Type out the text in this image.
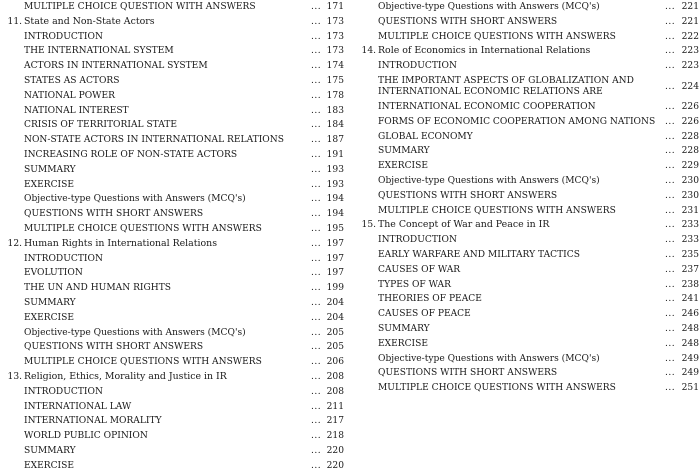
MULTIPLE CHOICE QUESTION WITH ANSWERS	... 171
11. State and Non-State Actors	... 173
INTRODUCTION	... 173
THE INTERNATIONAL SYSTEM	... 173
ACTORS IN INTERNATIONAL SYSTEM	... 174
STATES AS ACTORS	... 175
NATIONAL POWER	... 178
NATIONAL INTEREST	... 183
CRISIS OF TERRITORIAL STATE	... 184
NON-STATE ACTORS IN INTERNATIONAL RELATIONS	... 187
INCREASING ROLE OF NON-STATE ACTORS	... 191
SUMMARY	... 193
EXERCISE	... 193
Objective-type Questions with Answers (MCQ's)	... 194
QUESTIONS WITH SHORT ANSWERS	... 194
MULTIPLE CHOICE QUESTIONS WITH ANSWERS	... 195
12. Human Rights in International Relations	... 197
INTRODUCTION	... 197
EVOLUTION	... 197
THE UN AND HUMAN RIGHTS	... 199
SUMMARY	... 204
EXERCISE	... 204
Objective-type Questions with Answers (MCQ's)	... 205
QUESTIONS WITH SHORT ANSWERS	... 205
MULTIPLE CHOICE QUESTIONS WITH ANSWERS	... 206
13. Religion, Ethics, Morality and Justice in IR	... 208
INTRODUCTION	... 208
INTERNATIONAL LAW	... 211
INTERNATIONAL MORALITY	... 217
WORLD PUBLIC OPINION	... 218
SUMMARY	... 220
EXERCISE	... 220
Objective-type Questions with Answers (MCQ's)	... 221
QUESTIONS WITH SHORT ANSWERS	... 221
MULTIPLE CHOICE QUESTIONS WITH ANSWERS	... 222
14. Role of Economics in International Relations	... 223
INTRODUCTION	... 223
THE IMPORTANT ASPECTS OF GLOBALIZATION AND INTERNATIONAL ECONOMIC RELATIONS ARE	... 224
INTERNATIONAL ECONOMIC COOPERATION	... 226
FORMS OF ECONOMIC COOPERATION AMONG NATIONS ... 226
GLOBAL ECONOMY	... 228
SUMMARY	... 228
EXERCISE	... 229
Objective-type Questions with Answers (MCQ's)	... 230
QUESTIONS WITH SHORT ANSWERS	... 230
MULTIPLE CHOICE QUESTIONS WITH ANSWERS	... 231
15. The Concept of War and Peace in IR	... 233
INTRODUCTION	... 233
EARLY WARFARE AND MILITARY TACTICS	... 235
CAUSES OF WAR	... 237
TYPES OF WAR	... 238
THEORIES OF PEACE	... 241
CAUSES OF PEACE	... 246
SUMMARY	... 248
EXERCISE	... 248
Objective-type Questions with Answers (MCQ's)	... 249
QUESTIONS WITH SHORT ANSWERS	... 249
MULTIPLE CHOICE QUESTIONS WITH ANSWERS	... 251
